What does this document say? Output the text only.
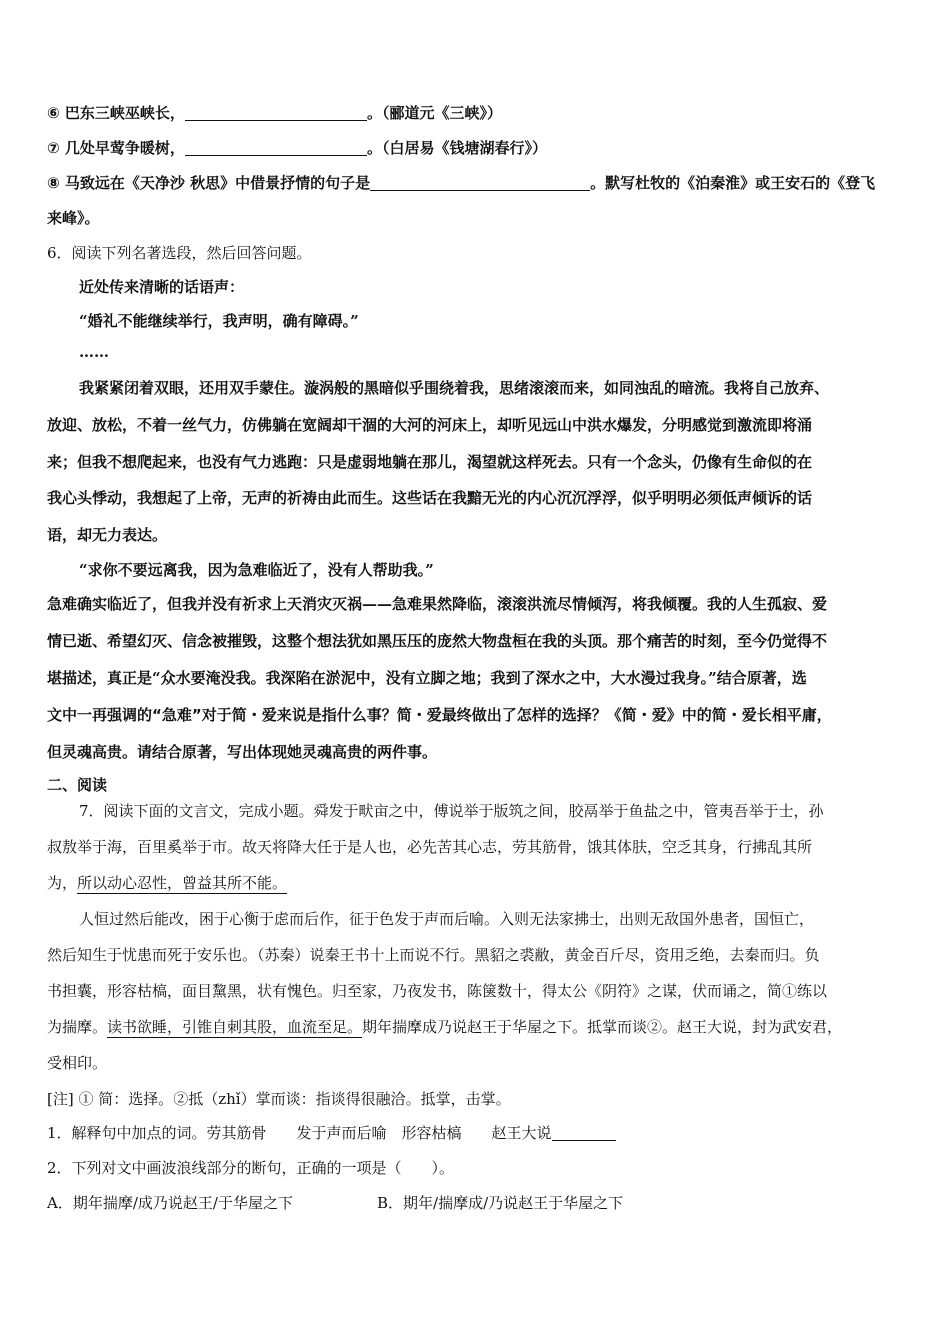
⑥ 巴东三峡巫峡长，	。（郦道元《三峡》）
⑦ 几处早莺争暖树，	。（白居易《钱塘湖春行》）
⑧ 马致远在《天净沙 秋思》中借景抒情的句子是	。默写杜牧的《泊秦淮》或王安石的《登飞
来峰》。
6．阅读下列名著选段，然后回答问题。
近处传来清晰的话语声：
“婚礼不能继续举行，我声明，确有障碍。”
……
我紧紧闭着双眼，还用双手蒙住。漩涡般的黑暗似乎围绕着我，思绪滚滚而来，如同浊乱的暗流。我将自己放弃、
放迎、放松，不着一丝气力，仿佛躺在宽阔却干涸的大河的河床上，却听见远山中洪水爆发，分明感觉到激流即将涌
来；但我不想爬起来，也没有气力逃跑：只是虚弱地躺在那儿，渴望就这样死去。只有一个念头，仍像有生命似的在
我心头悸动，我想起了上帝，无声的祈祷由此而生。这些话在我黯无光的内心沉沉浮浮，似乎明明必须低声倾诉的话
语，却无力表达。
“求你不要远离我，因为急难临近了，没有人帮助我。”
急难确实临近了，但我并没有祈求上天消灾灭祸——急难果然降临，滚滚洪流尽情倾泻，将我倾覆。我的人生孤寂、爱
情已逝、希望幻灭、信念被摧毁，这整个想法犹如黑压压的庞然大物盘桓在我的头顶。那个痛苦的时刻，至今仍觉得不
堪描述，真正是“众水要淹没我。我深陷在淤泥中，没有立脚之地；我到了深水之中，大水漫过我身。”结合原著，选
文中一再强调的“急难”对于简・爱来说是指什么事？简・爱最终做出了怎样的选择？《简・爱》中的简・爱长相平庸，
但灵魂高贵。请结合原著，写出体现她灵魂高贵的两件事。
二、阅读
7．阅读下面的文言文，完成小题。舜发于畎亩之中，傅说举于版筑之间，胶鬲举于鱼盐之中，管夷吾举于士，孙
叔敖举于海，百里奚举于市。故天将降大任于是人也，必先苦其心志，劳其筋骨，饿其体肤，空乏其身，行拂乱其所
为，所以动心忍性，曾益其所不能。
人恒过然后能改，困于心衡于虑而后作，征于色发于声而后喻。入则无法家拂士，出则无敌国外患者，国恒亡，
然后知生于忧患而死于安乐也。（苏秦）说秦王书十上而说不行。黑貂之裘敝，黄金百斤尽，资用乏绝，去秦而归。负
书担囊，形容枯槁，面目黧黑，状有愧色。归至家，乃夜发书，陈箧数十，得太公《阴符》之谋，伏而诵之，简①练以
为揣摩。读书欲睡，引锥自刺其股，血流至足。期年揣摩成乃说赵王于华屋之下。抵掌而谈②。赵王大说，封为武安君，
受相印。
[注] ① 简：选择。②抵（zhǐ）掌而谈：指谈得很融洽。抵掌，击掌。
1．解释句中加点的词。劳其筋骨　　发于声而后喻　形容枯槁　　赵王大说
2．下列对文中画波浪线部分的断句，正确的一项是（　　）。
A．期年揣摩/成乃说赵王/于华屋之下	B．期年/揣摩成/乃说赵王于华屋之下
